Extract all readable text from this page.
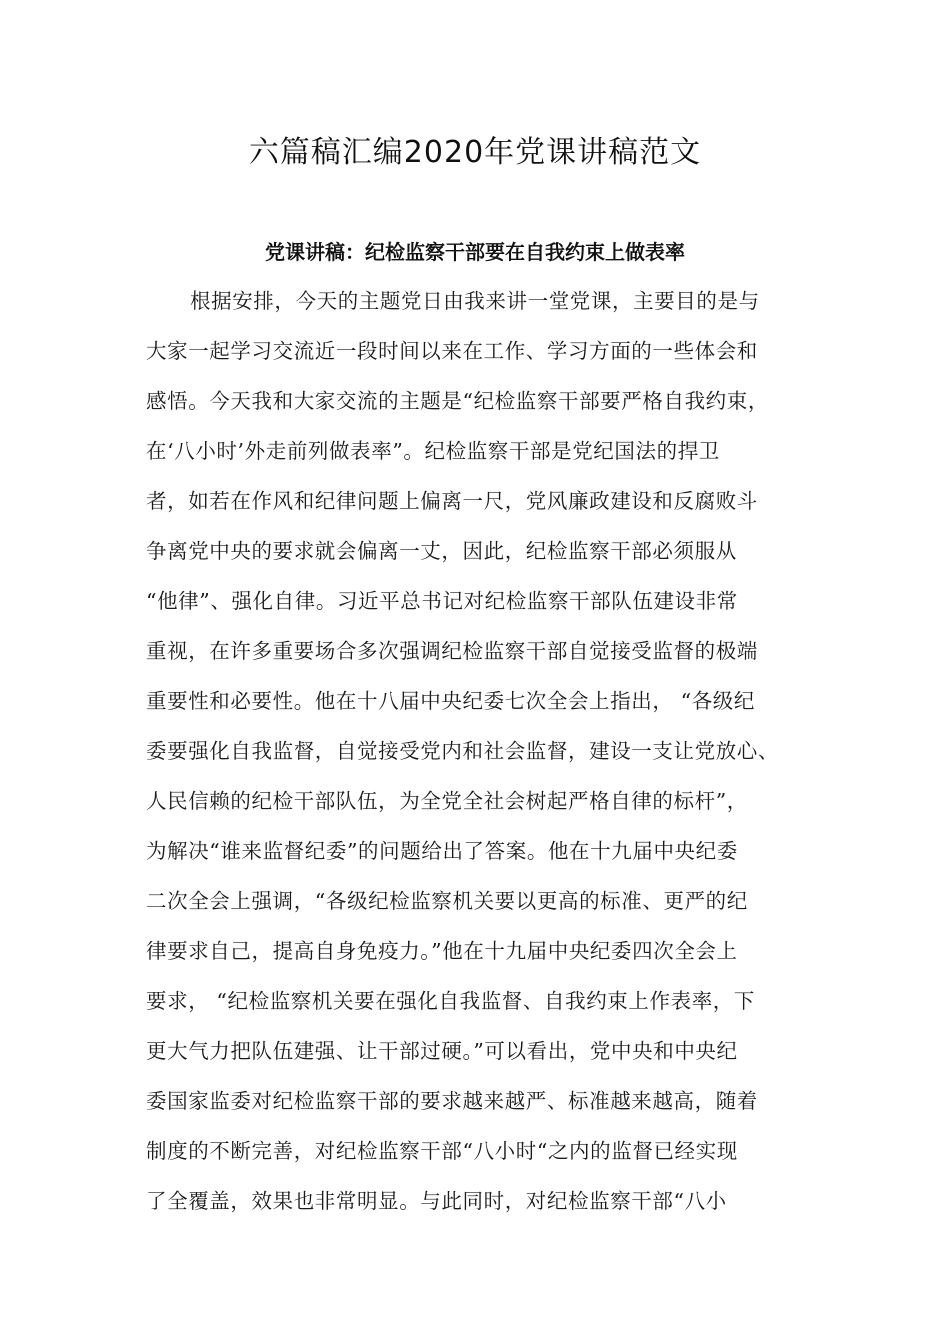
六篇稿汇编2020年党课讲稿范文
党课讲稿：纪检监察干部要在自我约束上做表率
根据安排，今天的主题党日由我来讲一堂党课，主要目的是与
大家一起学习交流近一段时间以来在工作、学习方面的一些体会和
感悟。今天我和大家交流的主题是“纪检监察干部要严格自我约束，
在‘八小时’外走前列做表率”。纪检监察干部是党纪国法的捍卫
者，如若在作风和纪律问题上偏离一尺，党风廉政建设和反腐败斗
争离党中央的要求就会偏离一丈，因此，纪检监察干部必须服从
“他律”、强化自律。习近平总书记对纪检监察干部队伍建设非常
重视，在许多重要场合多次强调纪检监察干部自觉接受监督的极端
重要性和必要性。他在十八届中央纪委七次全会上指出， “各级纪
委要强化自我监督，自觉接受党内和社会监督，建设一支让党放心、
人民信赖的纪检干部队伍，为全党全社会树起严格自律的标杆”，
为解决“谁来监督纪委”的问题给出了答案。他在十九届中央纪委
二次全会上强调，“各级纪检监察机关要以更高的标准、更严的纪
律要求自己，提高自身免疫力。”他在十九届中央纪委四次全会上
要求， “纪检监察机关要在强化自我监督、自我约束上作表率，下
更大气力把队伍建强、让干部过硬。”可以看出，党中央和中央纪
委国家监委对纪检监察干部的要求越来越严、标准越来越高，随着
制度的不断完善，对纪检监察干部“八小时“之内的监督已经实现
了全覆盖，效果也非常明显。与此同时，对纪检监察干部“八小
